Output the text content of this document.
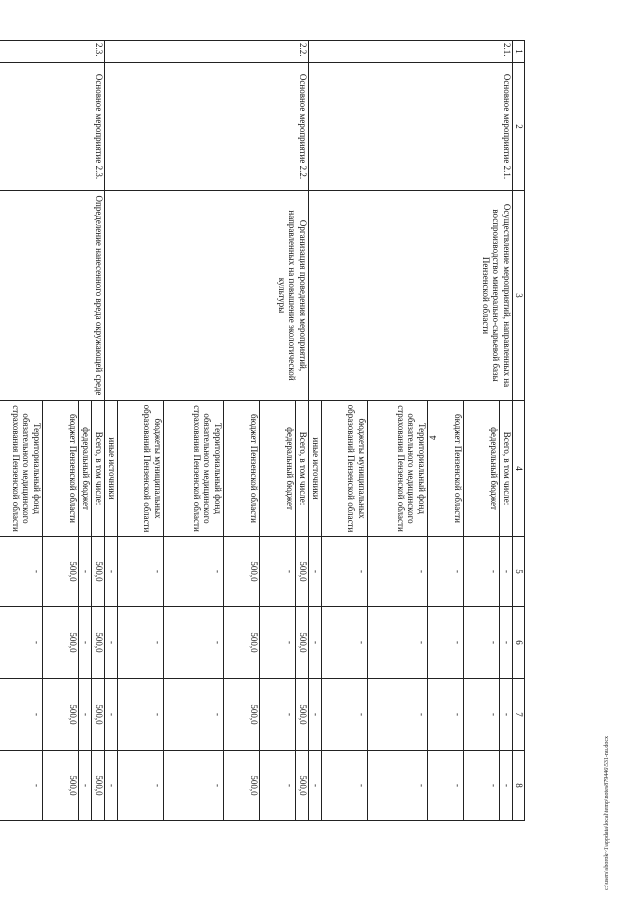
4
1	2	3	4	5	6	7	8
2.1.	Основное мероприятие 2.1.	Осуществление мероприятий, направленных на воспроизводство минерально-сырьевой базы Пензенской области	Всего, в том числе:	-	-	-	-
			федеральный бюджет	-	-	-	-
			бюджет Пензенской области	-	-	-	-
			Территориальный фонд обязательного медицинского страхования Пензенской области	-	-	-	-
			бюджеты муниципальных образований Пензенской области	-	-	-	-
			иные источники	-	-	-	-
2.2.	Основное мероприятие 2.2.	Организация проведения мероприятий, направленных на повышение экологической культуры	Всего, в том числе:	500,0	500,0	500,0	500,0
			федеральный бюджет	-	-	-	-
			бюджет Пензенской области	500,0	500,0	500,0	500,0
			Территориальный фонд обязательного медицинского страхования Пензенской области	-	-	-	-
			бюджеты муниципальных образований Пензенской области	-	-	-	-
			иные источники	-	-	-	-
2.3.	Основное мероприятие 2.3.	Определение нанесенного вреда окружающей среде	Всего, в том числе:	500,0	500,0	500,0	500,0
			федеральный бюджет	-	-	-	-
			бюджет Пензенской области	500,0	500,0	500,0	500,0
			Территориальный фонд обязательного медицинского страхования Пензенской области	-	-	-	-	c:\users\sborok~1\appdata\local\temp\notes879446\531-nu.docx
